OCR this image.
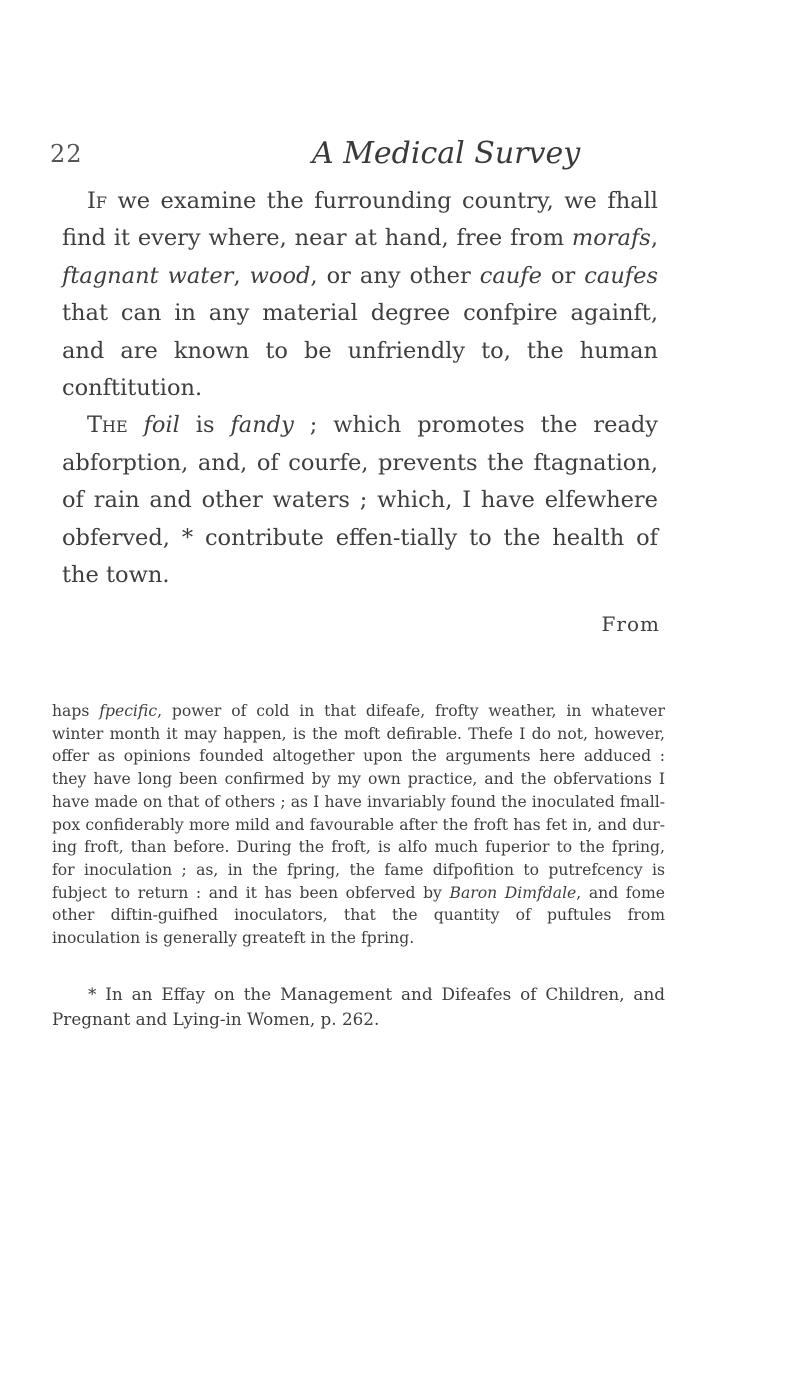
22	A Medical Survey

If we examine the furrounding country, we fhall find it every where, near at hand, free from morafs, ftagnant water, wood, or any other caufe or caufes that can in any material degree confpire againft, and are known to be unfriendly to, the human conftitution.

The foil is fandy ; which promotes the ready abforption, and, of courfe, prevents the ftagnation, of rain and other waters ; which, I have elfewhere obferved, * contribute effen-tially to the health of the town.

From

haps fpecific, power of cold in that difeafe, frofty weather, in whatever winter month it may happen, is the moft defirable. Thefe I do not, however, offer as opinions founded altogether upon the arguments here adduced : they have long been confirmed by my own practice, and the obfervations I have made on that of others ; as I have invariably found the inoculated fmall-pox confiderably more mild and favourable after the froft has fet in, and dur-ing froft, than before. During the froft, is alfo much fuperior to the fpring, for inoculation ; as, in the fpring, the fame difpofition to putrefcency is fubject to return : and it has been obferved by Baron Dimfdale, and fome other diftin-guifhed inoculators, that the quantity of puftules from inoculation is generally greateft in the fpring.

* In an Effay on the Management and Difeafes of Children, and Pregnant and Lying-in Women, p. 262.
